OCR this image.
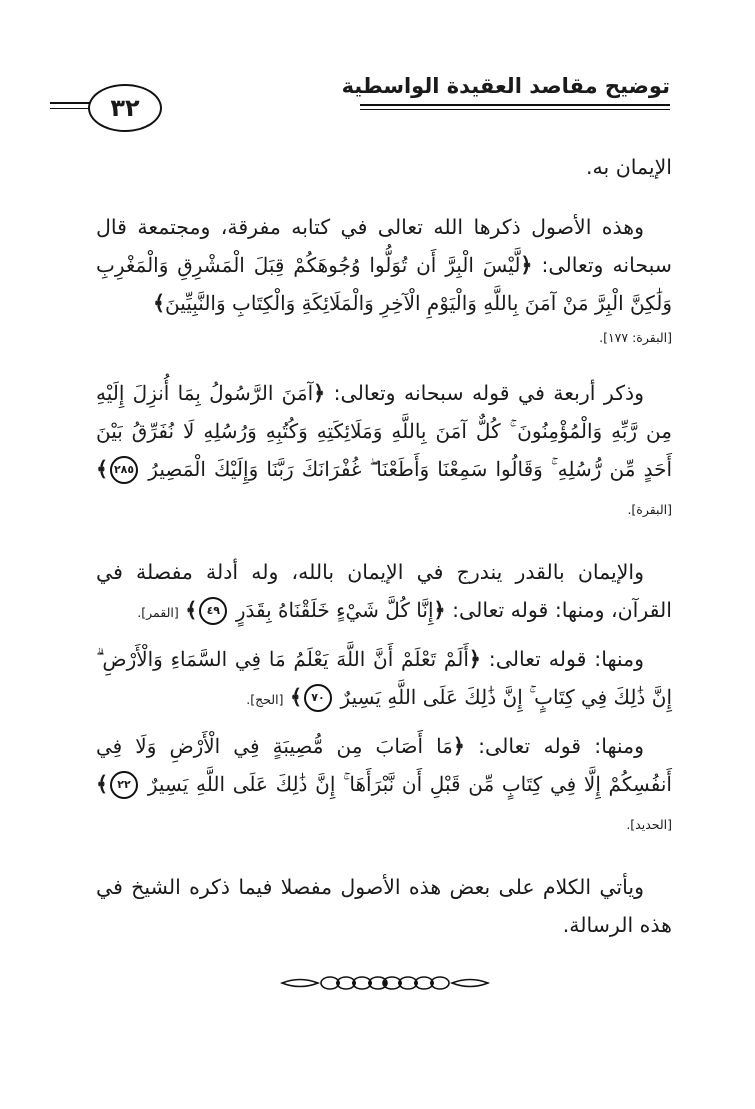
توضيح مقاصد العقيدة الواسطية
٣٢

الإيمان به.

وهذه الأصول ذكرها الله تعالى في كتابه مفرقة، ومجتمعة قال سبحانه وتعالى: ﴿لَّيْسَ الْبِرَّ أَن تُوَلُّوا وُجُوهَكُمْ قِبَلَ الْمَشْرِقِ وَالْمَغْرِبِ وَلَٰكِنَّ الْبِرَّ مَنْ آمَنَ بِاللَّهِ وَالْيَوْمِ الْآخِرِ وَالْمَلَائِكَةِ وَالْكِتَابِ وَالنَّبِيِّينَ﴾
[البقرة: ١٧٧].

وذكر أربعة في قوله سبحانه وتعالى: ﴿آمَنَ الرَّسُولُ بِمَا أُنزِلَ إِلَيْهِ مِن رَّبِّهِ وَالْمُؤْمِنُونَ ۚ كُلٌّ آمَنَ بِاللَّهِ وَمَلَائِكَتِهِ وَكُتُبِهِ وَرُسُلِهِ لَا نُفَرِّقُ بَيْنَ أَحَدٍ مِّن رُّسُلِهِ ۚ وَقَالُوا سَمِعْنَا وَأَطَعْنَا ۖ غُفْرَانَكَ رَبَّنَا وَإِلَيْكَ الْمَصِيرُ ٢٨٥﴾ [البقرة].

والإيمان بالقدر يندرج في الإيمان بالله، وله أدلة مفصلة في القرآن، ومنها: قوله تعالى: ﴿إِنَّا كُلَّ شَيْءٍ خَلَقْنَاهُ بِقَدَرٍ ٤٩﴾ [القمر].

ومنها: قوله تعالى: ﴿أَلَمْ تَعْلَمْ أَنَّ اللَّهَ يَعْلَمُ مَا فِي السَّمَاءِ وَالْأَرْضِ ۗ إِنَّ ذَٰلِكَ فِي كِتَابٍ ۚ إِنَّ ذَٰلِكَ عَلَى اللَّهِ يَسِيرٌ ٧٠﴾ [الحج].

ومنها: قوله تعالى: ﴿مَا أَصَابَ مِن مُّصِيبَةٍ فِي الْأَرْضِ وَلَا فِي أَنفُسِكُمْ إِلَّا فِي كِتَابٍ مِّن قَبْلِ أَن نَّبْرَأَهَا ۚ إِنَّ ذَٰلِكَ عَلَى اللَّهِ يَسِيرٌ ٢٢﴾ [الحديد].

ويأتي الكلام على بعض هذه الأصول مفصلا فيما ذكره الشيخ في هذه الرسالة.
